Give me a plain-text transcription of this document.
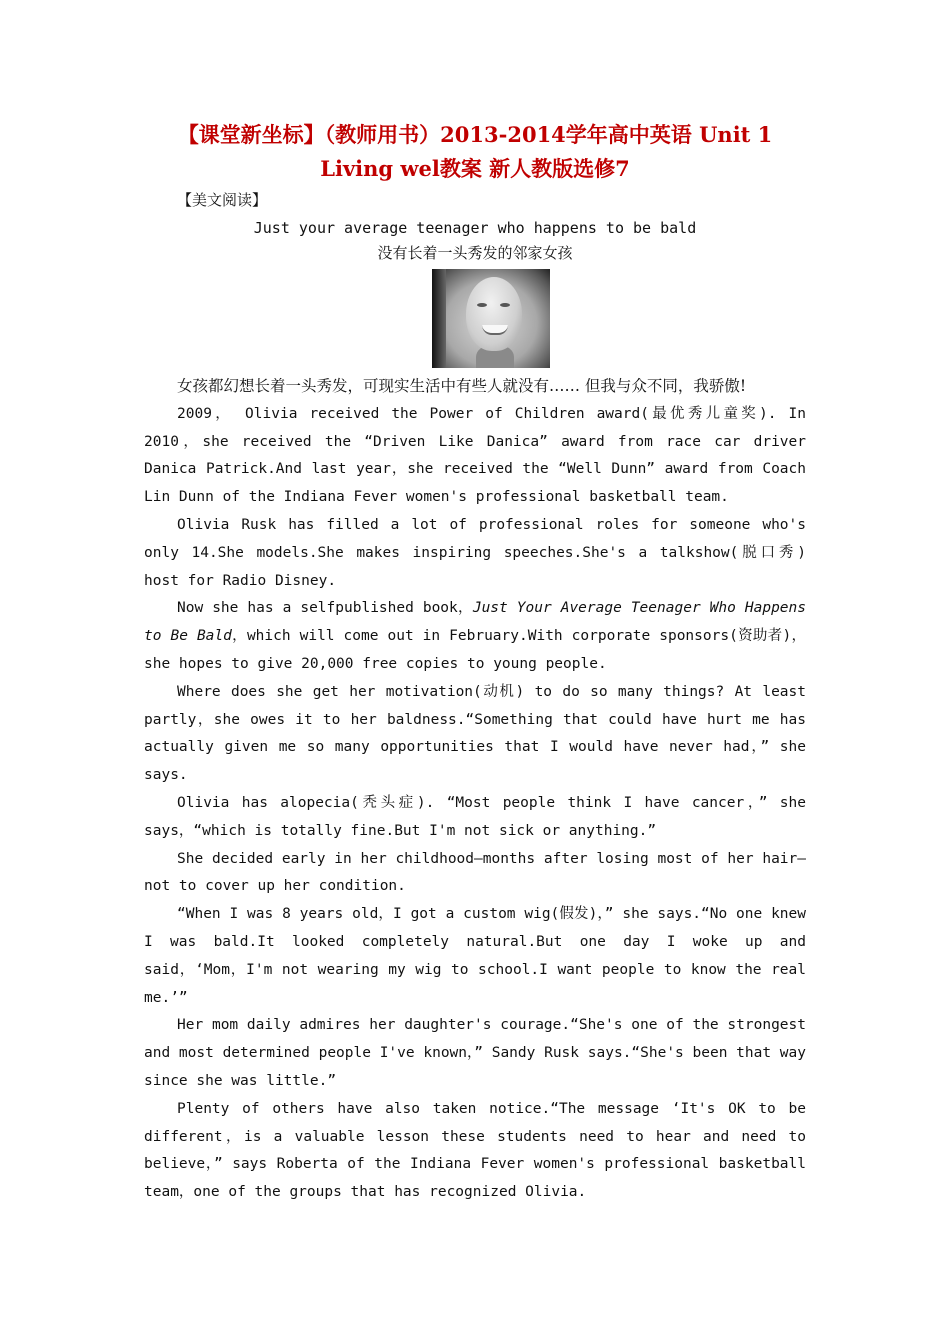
【课堂新坐标】（教师用书）2013-2014学年高中英语 Unit 1
Living wel教案 新人教版选修7
【美文阅读】
Just your average teenager who happens to be bald
没有长着一头秀发的邻家女孩

女孩都幻想长着一头秀发，可现实生活中有些人就没有…… 但我与众不同，我骄傲!

2009， Olivia received the Power of Children award(最优秀儿童奖). In 2010，she received the “Driven Like Danica” award from race car driver Danica Patrick.And last year，she received the “Well Dunn” award from Coach Lin Dunn of the Indiana Fever women's professional basketball team.

Olivia Rusk has filled a lot of professional roles for someone who's only 14.She models.She makes inspiring speeches.She's a talkshow(脱口秀) host for Radio Disney.

Now she has a selfpublished book，Just Your Average Teenager Who Happens to Be Bald，which will come out in February.With corporate sponsors(资助者)，she hopes to give 20,000 free copies to young people.

Where does she get her motivation(动机) to do so many things? At least partly，she owes it to her baldness.“Something that could have hurt me has actually given me so many opportunities that I would have never had，” she says.

Olivia has alopecia(秃头症). “Most people think I have cancer，” she says，“which is totally fine.But I'm not sick or anything.”

She decided early in her childhood—months after losing most of her hair—not to cover up her condition.

“When I was 8 years old，I got a custom wig(假发)，” she says.“No one knew I was bald.It looked completely natural.But one day I woke up and said，‘Mom，I'm not wearing my wig to school.I want people to know the real me.’”

Her mom daily admires her daughter's courage.“She's one of the strongest and most determined people I've known，” Sandy Rusk says.“She's been that way since she was little.”

Plenty of others have also taken notice.“The message ‘It's OK to be different，is a valuable lesson these students need to hear and need to believe，” says Roberta of the Indiana Fever women's professional basketball team，one of the groups that has recognized Olivia.
